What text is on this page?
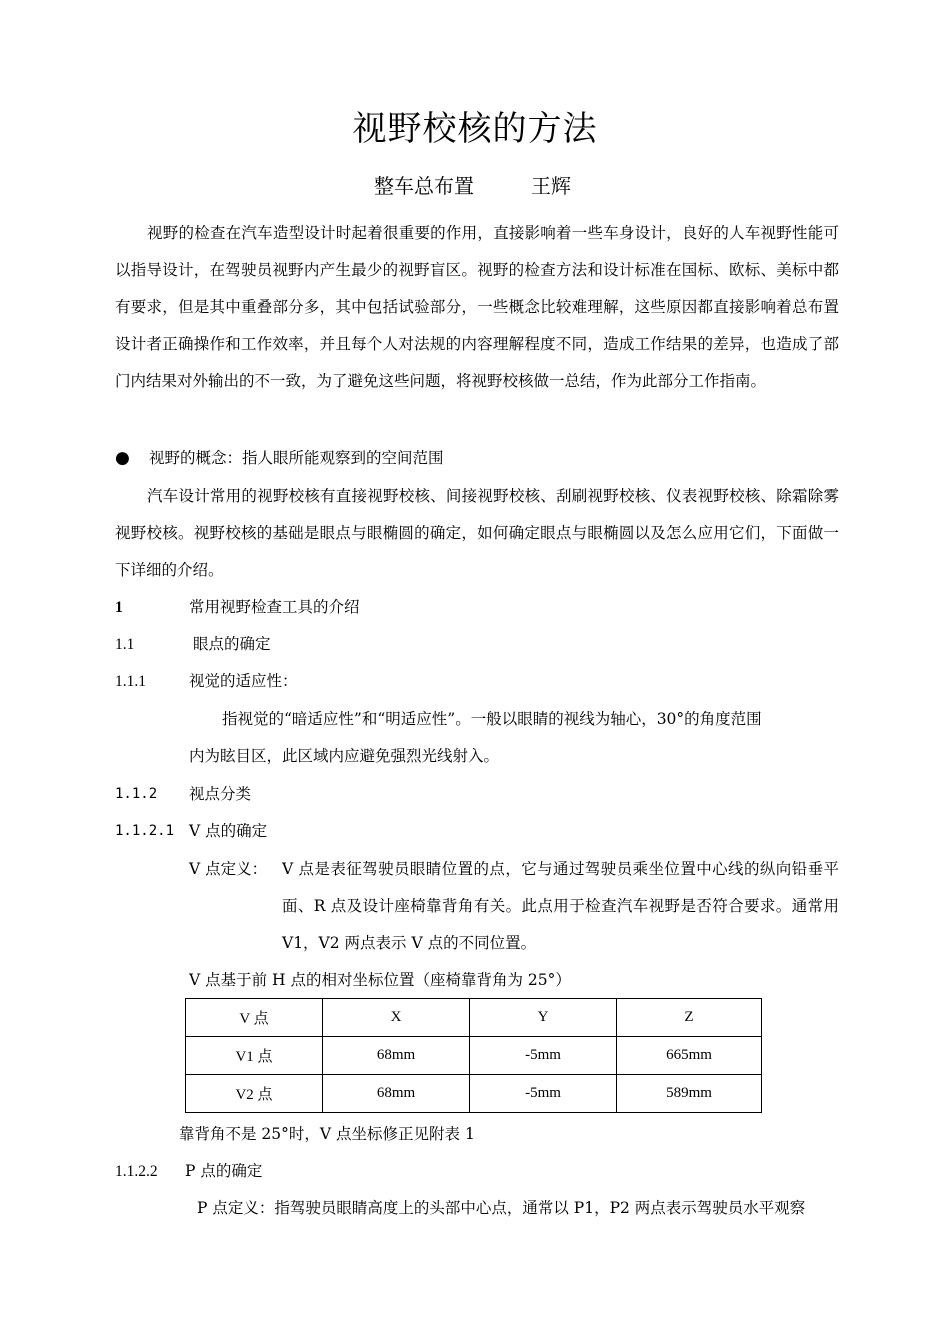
视野校核的方法
整车总布置	王辉
视野的检查在汽车造型设计时起着很重要的作用，直接影响着一些车身设计，良好的人车视野性能可以指导设计，在驾驶员视野内产生最少的视野盲区。视野的检查方法和设计标准在国标、欧标、美标中都有要求，但是其中重叠部分多，其中包括试验部分，一些概念比较难理解，这些原因都直接影响着总布置设计者正确操作和工作效率，并且每个人对法规的内容理解程度不同，造成工作结果的差异，也造成了部门内结果对外输出的不一致，为了避免这些问题，将视野校核做一总结，作为此部分工作指南。
● 视野的概念：指人眼所能观察到的空间范围
汽车设计常用的视野校核有直接视野校核、间接视野校核、刮刷视野校核、仪表视野校核、除霜除雾视野校核。视野校核的基础是眼点与眼椭圆的确定，如何确定眼点与眼椭圆以及怎么应用它们，下面做一下详细的介绍。
1	常用视野检查工具的介绍
1.1	眼点的确定
1.1.1	视觉的适应性：
指视觉的“暗适应性”和“明适应性”。一般以眼睛的视线为轴心，30°的角度范围
内为眩目区，此区域内应避免强烈光线射入。
1.1.2 视点分类
1.1.2.1 V 点的确定
V 点定义： V 点是表征驾驶员眼睛位置的点，它与通过驾驶员乘坐位置中心线的纵向铅垂平面、R 点及设计座椅靠背角有关。此点用于检查汽车视野是否符合要求。通常用 V1，V2 两点表示 V 点的不同位置。
V 点基于前 H 点的相对坐标位置（座椅靠背角为 25°）
V 点	X	Y	Z
V1 点	68mm	-5mm	665mm
V2 点	68mm	-5mm	589mm
靠背角不是 25°时，V 点坐标修正见附表 1
1.1.2.2 P 点的确定
P 点定义：指驾驶员眼睛高度上的头部中心点，通常以 P1，P2 两点表示驾驶员水平观察
